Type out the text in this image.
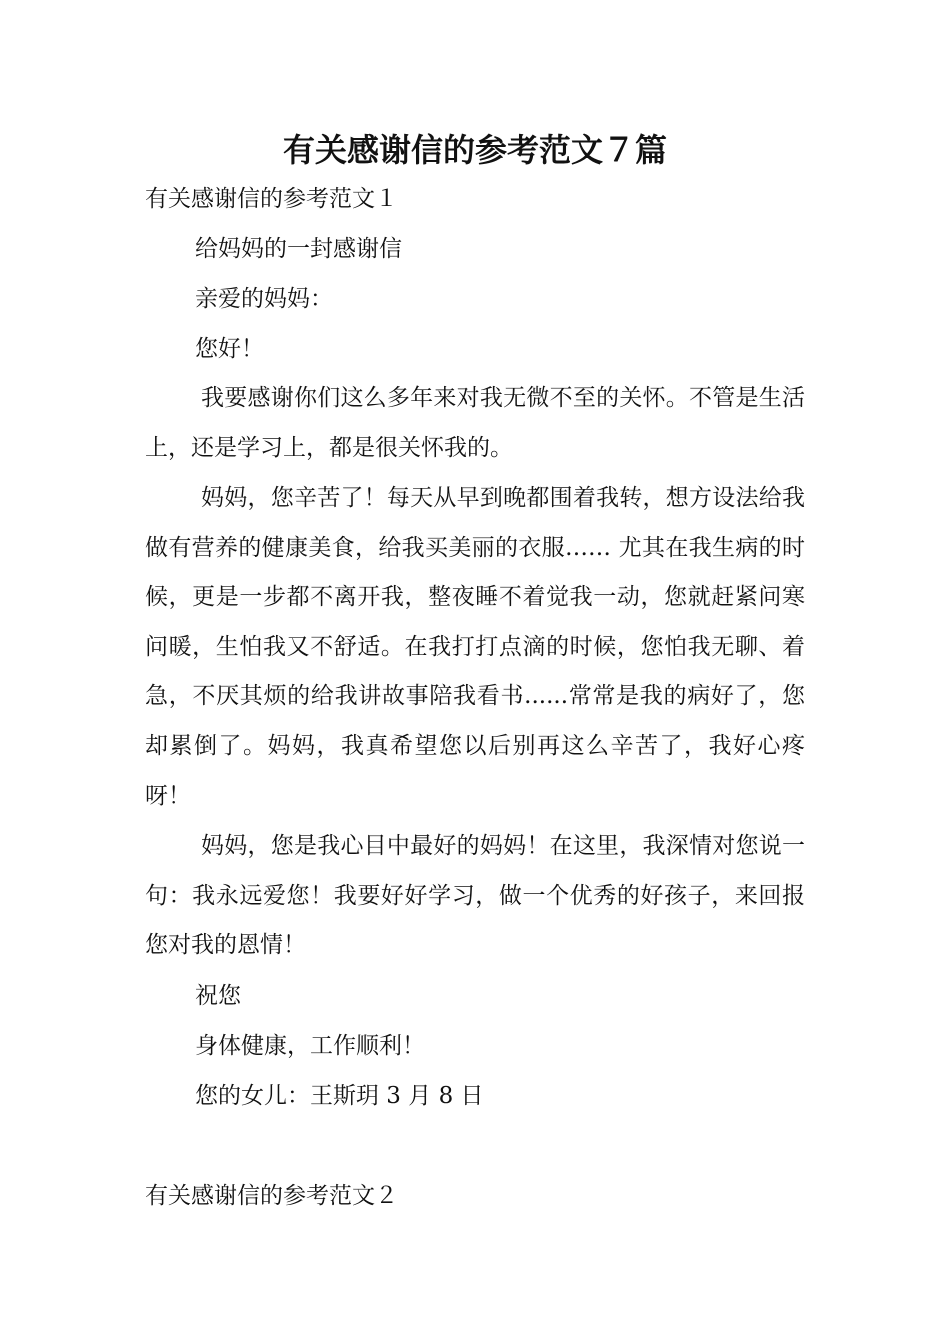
有关感谢信的参考范文７篇
有关感谢信的参考范文１
给妈妈的一封感谢信
亲爱的妈妈：
您好！
我要感谢你们这么多年来对我无微不至的关怀。不管是生活上，还是学习上，都是很关怀我的。
妈妈，您辛苦了！每天从早到晚都围着我转，想方设法给我做有营养的健康美食，给我买美丽的衣服…… 尤其在我生病的时候，更是一步都不离开我，整夜睡不着觉我一动，您就赶紧问寒问暖，生怕我又不舒适。在我打打点滴的时候，您怕我无聊、着急，不厌其烦的给我讲故事陪我看书......常常是我的病好了，您却累倒了。妈妈，我真希望您以后别再这么辛苦了，我好心疼呀！
妈妈，您是我心目中最好的妈妈！在这里，我深情对您说一句：我永远爱您！我要好好学习，做一个优秀的好孩子，来回报您对我的恩情！
祝您
身体健康，工作顺利！
您的女儿：王斯玥 3 月 8 日
有关感谢信的参考范文２
